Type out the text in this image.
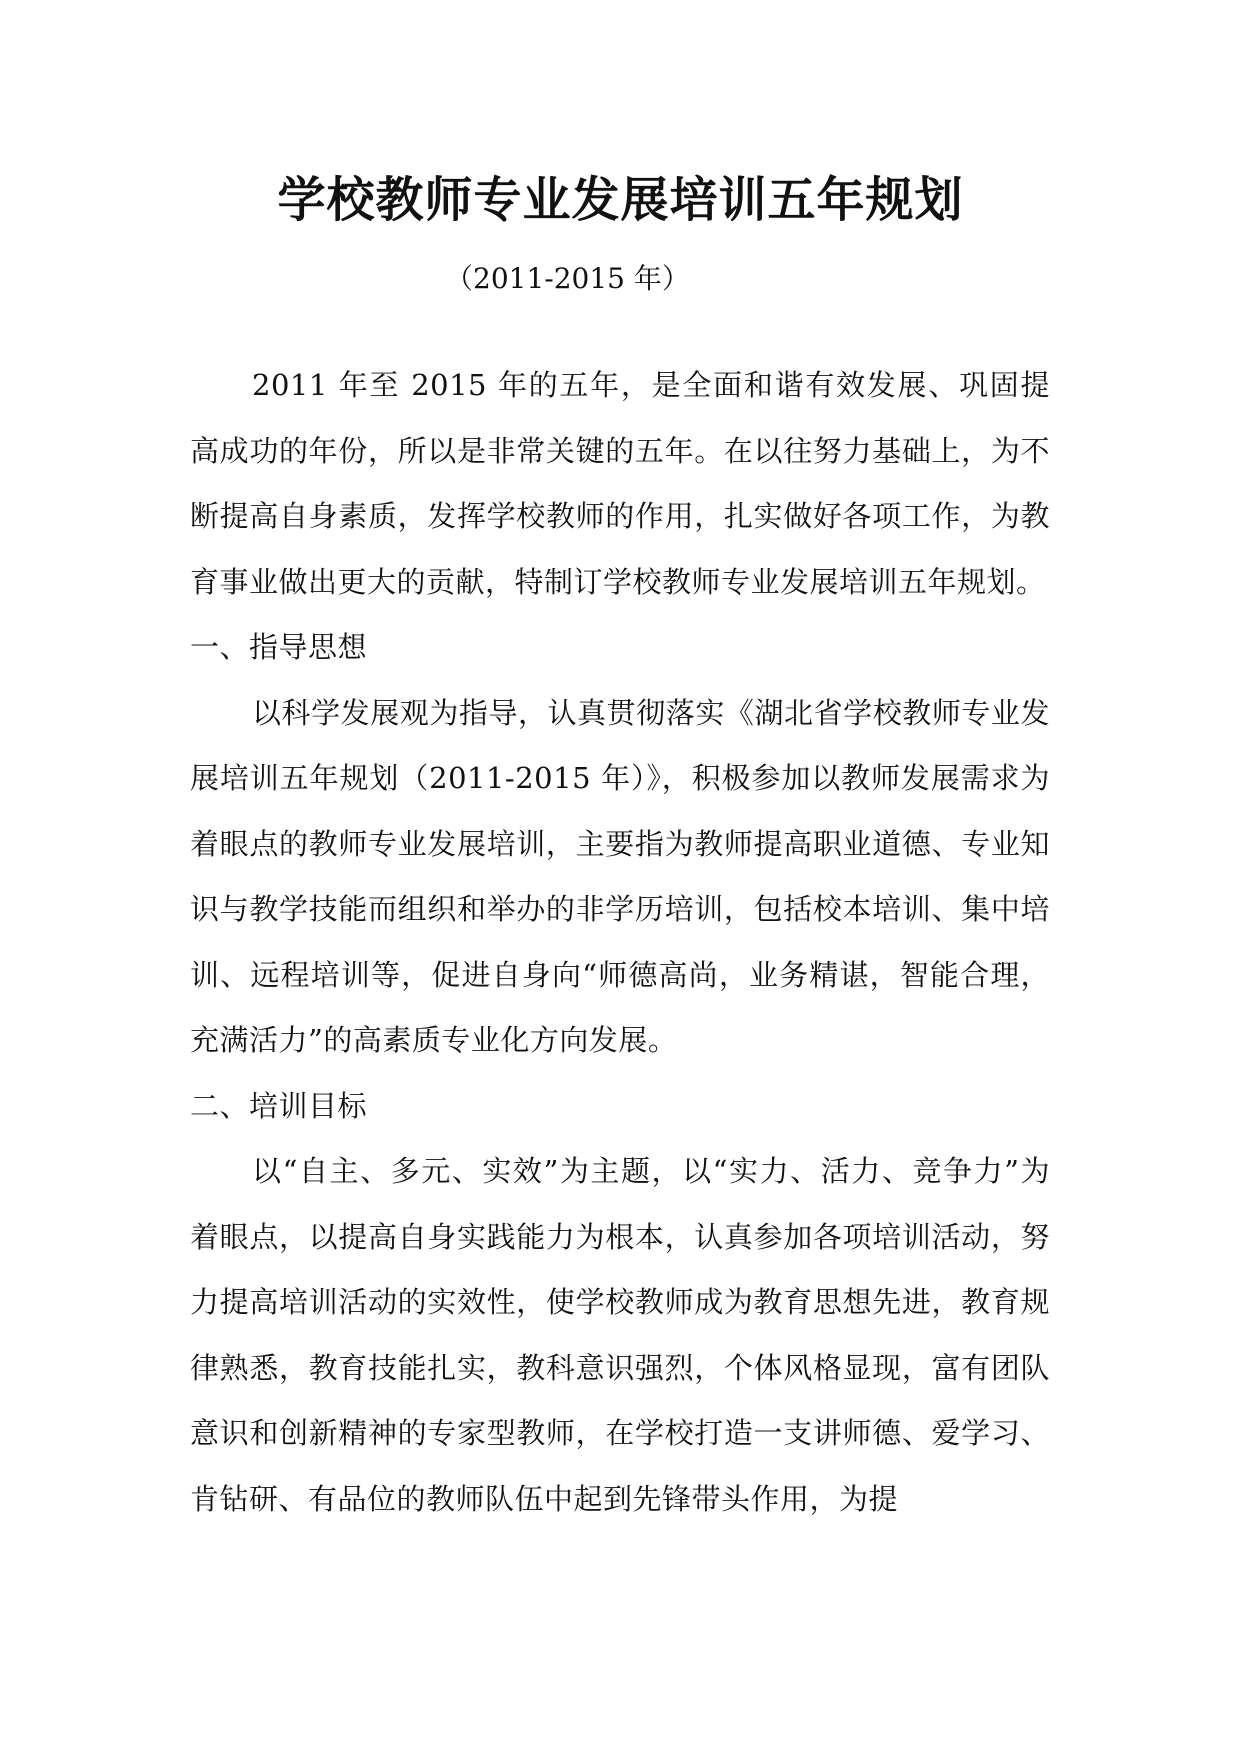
学校教师专业发展培训五年规划
（2011-2015 年）

2011 年至 2015 年的五年，是全面和谐有效发展、巩固提高成功的年份，所以是非常关键的五年。在以往努力基础上，为不断提高自身素质，发挥学校教师的作用，扎实做好各项工作，为教育事业做出更大的贡献，特制订学校教师专业发展培训五年规划。

一、指导思想

以科学发展观为指导，认真贯彻落实《湖北省学校教师专业发展培训五年规划（2011-2015 年）》，积极参加以教师发展需求为着眼点的教师专业发展培训，主要指为教师提高职业道德、专业知识与教学技能而组织和举办的非学历培训，包括校本培训、集中培训、远程培训等，促进自身向“师德高尚，业务精谌，智能合理，充满活力”的高素质专业化方向发展。

二、培训目标

以“自主、多元、实效”为主题，以“实力、活力、竞争力”为着眼点，以提高自身实践能力为根本，认真参加各项培训活动，努力提高培训活动的实效性，使学校教师成为教育思想先进，教育规律熟悉，教育技能扎实，教科意识强烈，个体风格显现，富有团队意识和创新精神的专家型教师，在学校打造一支讲师德、爱学习、肯钻研、有品位的教师队伍中起到先锋带头作用，为提
